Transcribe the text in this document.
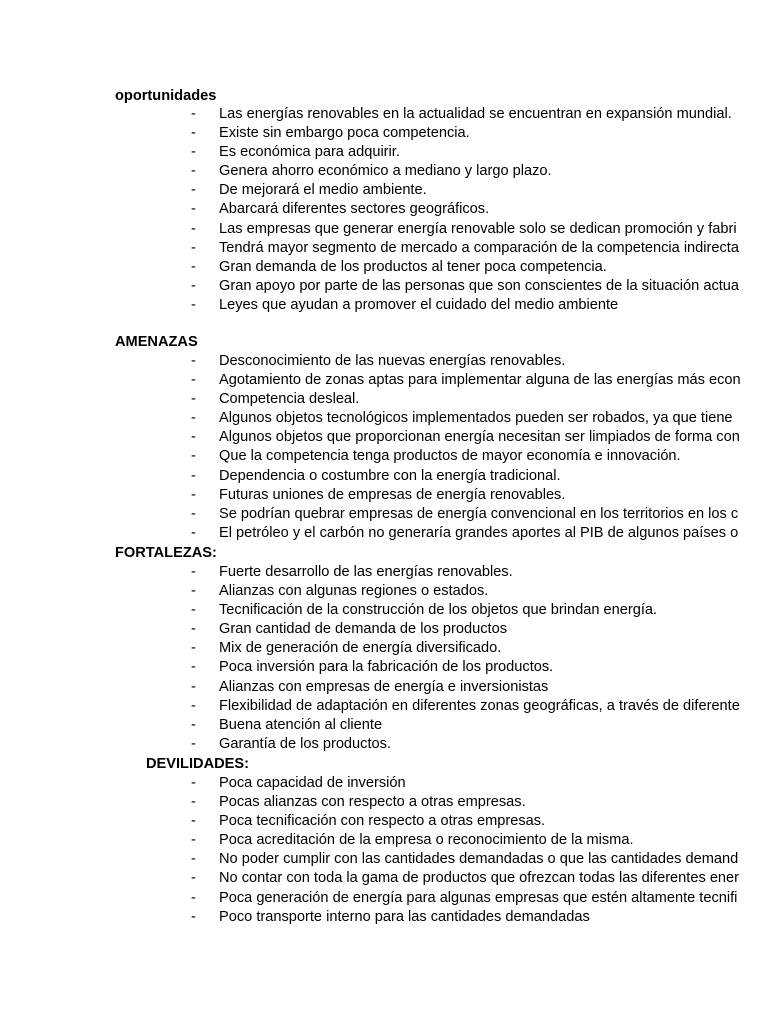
oportunidades
- Las energías renovables en la actualidad se encuentran en expansión mundial.
- Existe sin embargo poca competencia.
- Es económica para adquirir.
- Genera ahorro económico a mediano y largo plazo.
- De mejorará el medio ambiente.
- Abarcará diferentes sectores geográficos.
- Las empresas que generar energía renovable solo se dedican promoción y fabri
- Tendrá mayor segmento de mercado a comparación de la competencia indirecta
- Gran demanda de los productos al tener poca competencia.
- Gran apoyo por parte de las personas que son conscientes de la situación actua
- Leyes que ayudan a promover el cuidado del medio ambiente
AMENAZAS
- Desconocimiento de las nuevas energías renovables.
- Agotamiento de zonas aptas para implementar alguna de las energías más econ
- Competencia desleal.
- Algunos objetos tecnológicos implementados pueden ser robados, ya que tiene
- Algunos objetos que proporcionan energía necesitan ser limpiados de forma con
- Que la competencia tenga productos de mayor economía e innovación.
- Dependencia o costumbre con la energía tradicional.
- Futuras uniones de empresas de energía renovables.
- Se podrían quebrar empresas de energía convencional en los territorios en los c
- El petróleo y el carbón no generaría grandes aportes al PIB de algunos países o
FORTALEZAS:
- Fuerte desarrollo de las energías renovables.
- Alianzas con algunas regiones o estados.
- Tecnificación de la construcción de los objetos que brindan energía.
- Gran cantidad de demanda de los productos
- Mix de generación de energía diversificado.
- Poca inversión para la fabricación de los productos.
- Alianzas con empresas de energía e inversionistas
- Flexibilidad de adaptación en diferentes zonas geográficas, a través de diferente
- Buena atención al cliente
- Garantía de los productos.
DEVILIDADES:
- Poca capacidad de inversión
- Pocas alianzas con respecto a otras empresas.
- Poca tecnificación con respecto a otras empresas.
- Poca acreditación de la empresa o reconocimiento de la misma.
- No poder cumplir con las cantidades demandadas o que las cantidades demand
- No contar con toda la gama de productos que ofrezcan todas las diferentes ener
- Poca generación de energía para algunas empresas que estén altamente tecnifi
- Poco transporte interno para las cantidades demandadas
